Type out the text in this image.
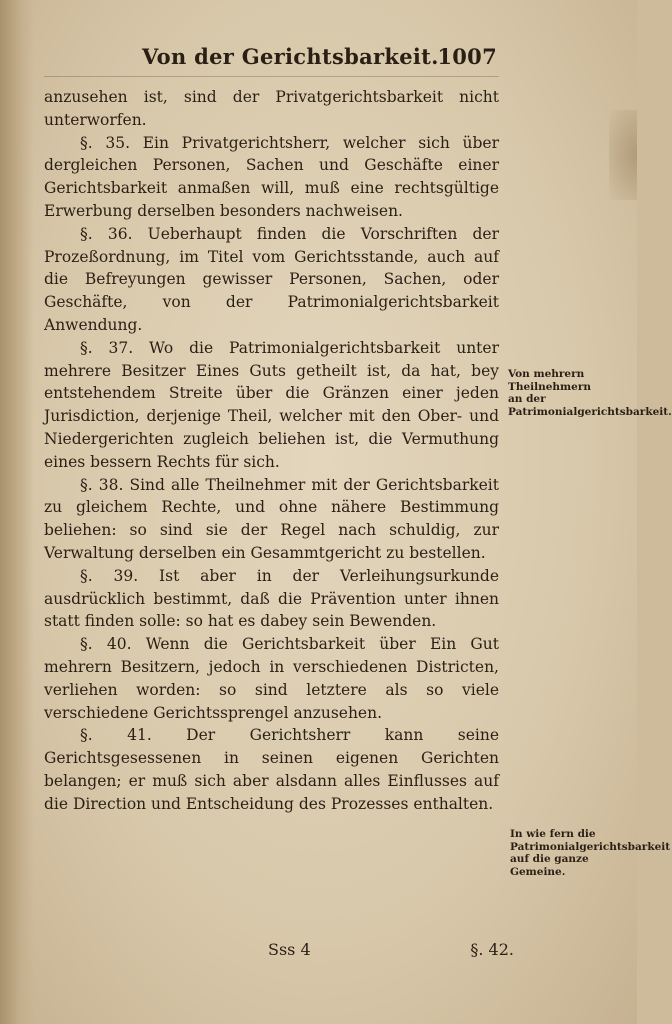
Von der Gerichtsbarkeit.
1007

anzusehen ist, sind der Privatgerichtsbarkeit nicht unterworfen.

§. 35. Ein Privatgerichtsherr, welcher sich über dergleichen Personen, Sachen und Geschäfte einer Gerichtsbarkeit anmaßen will, muß eine rechtsgültige Erwerbung derselben besonders nachweisen.

§. 36. Ueberhaupt finden die Vorschriften der Prozeßordnung, im Titel vom Gerichtsstande, auch auf die Befreyungen gewisser Personen, Sachen, oder Geschäfte, von der Patrimonialgerichtsbarkeit Anwendung.

§. 37. Wo die Patrimonialgerichtsbarkeit unter mehrere Besitzer Eines Guts getheilt ist, da hat, bey entstehendem Streite über die Gränzen einer jeden Jurisdiction, derjenige Theil, welcher mit den Ober- und Niedergerichten zugleich beliehen ist, die Vermuthung eines bessern Rechts für sich.

§. 38. Sind alle Theilnehmer mit der Gerichtsbarkeit zu gleichem Rechte, und ohne nähere Bestimmung beliehen: so sind sie der Regel nach schuldig, zur Verwaltung derselben ein Gesammtgericht zu bestellen.

§. 39. Ist aber in der Verleihungsurkunde ausdrücklich bestimmt, daß die Prävention unter ihnen statt finden solle: so hat es dabey sein Bewenden.

§. 40. Wenn die Gerichtsbarkeit über Ein Gut mehrern Besitzern, jedoch in verschiedenen Districten, verliehen worden: so sind letztere als so viele verschiedene Gerichtssprengel anzusehen.

§. 41. Der Gerichtsherr kann seine Gerichtsgesessenen in seinen eigenen Gerichten belangen; er muß sich aber alsdann alles Einflusses auf die Direction und Entscheidung des Prozesses enthalten.

Von mehrern Theilnehmern an der Patrimonialgerichtsbarkeit.
In wie fern die Patrimonialgerichtsbarkeit auf die ganze Gemeine.
Sss 4	§. 42.
